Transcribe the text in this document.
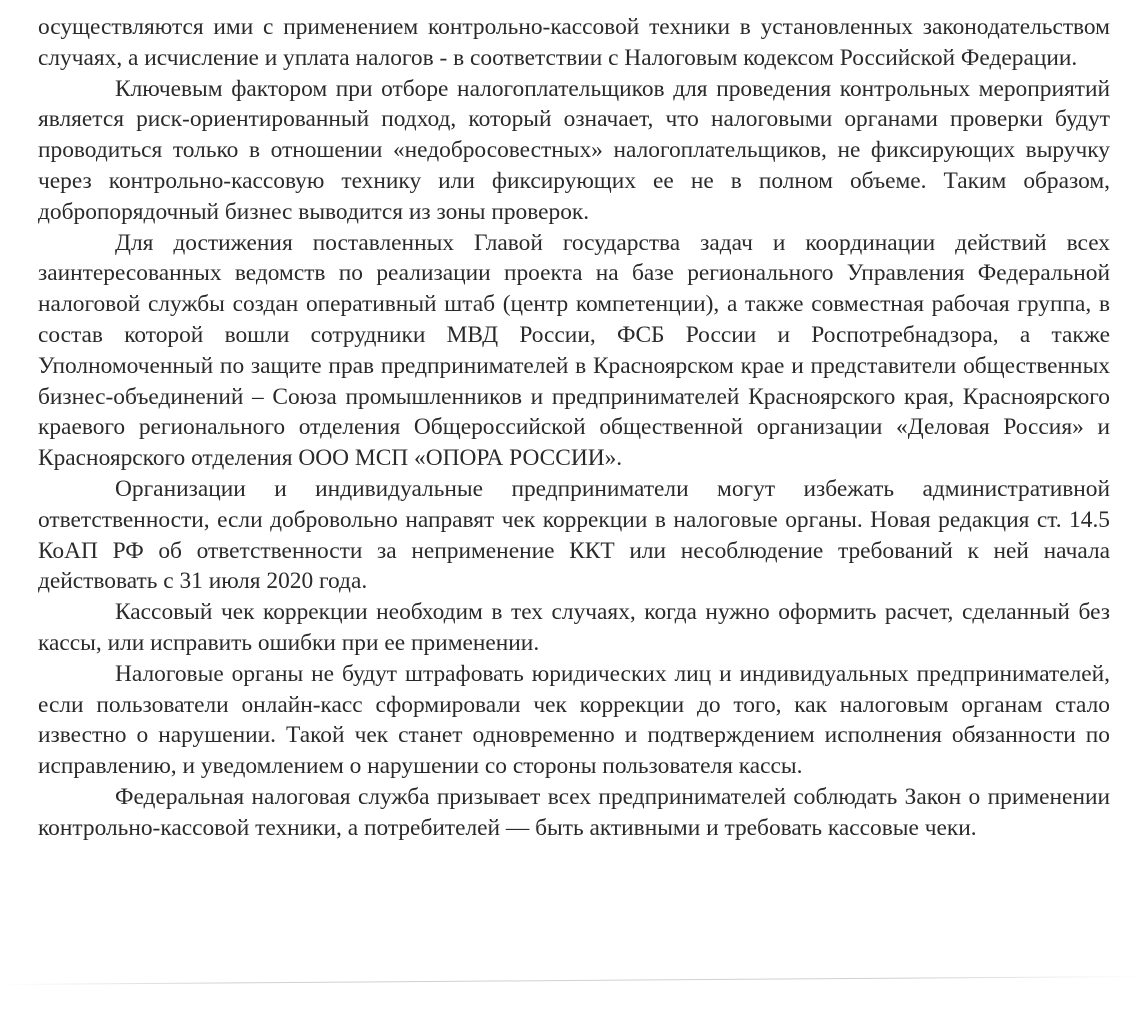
осуществляются ими с применением контрольно-кассовой техники в установленных законодательством случаях, а исчисление и уплата налогов - в соответствии с Налоговым кодексом Российской Федерации.

Ключевым фактором при отборе налогоплательщиков для проведения контрольных мероприятий является риск-ориентированный подход, который означает, что налоговыми органами проверки будут проводиться только в отношении «недобросовестных» налогоплательщиков, не фиксирующих выручку через контрольно-кассовую технику или фиксирующих ее не в полном объеме. Таким образом, добропорядочный бизнес выводится из зоны проверок.

Для достижения поставленных Главой государства задач и координации действий всех заинтересованных ведомств по реализации проекта на базе регионального Управления Федеральной налоговой службы создан оперативный штаб (центр компетенции), а также совместная рабочая группа, в состав которой вошли сотрудники МВД России, ФСБ России и Роспотребнадзора, а также Уполномоченный по защите прав предпринимателей в Красноярском крае и представители общественных бизнес-объединений – Союза промышленников и предпринимателей Красноярского края, Красноярского краевого регионального отделения Общероссийской общественной организации «Деловая Россия» и Красноярского отделения ООО МСП «ОПОРА РОССИИ».

Организации и индивидуальные предприниматели могут избежать административной ответственности, если добровольно направят чек коррекции в налоговые органы. Новая редакция ст. 14.5 КоАП РФ об ответственности за неприменение ККТ или несоблюдение требований к ней начала действовать с 31 июля 2020 года.

Кассовый чек коррекции необходим в тех случаях, когда нужно оформить расчет, сделанный без кассы, или исправить ошибки при ее применении.

Налоговые органы не будут штрафовать юридических лиц и индивидуальных предпринимателей, если пользователи онлайн-касс сформировали чек коррекции до того, как налоговым органам стало известно о нарушении. Такой чек станет одновременно и подтверждением исполнения обязанности по исправлению, и уведомлением о нарушении со стороны пользователя кассы.

Федеральная налоговая служба призывает всех предпринимателей соблюдать Закон о применении контрольно-кассовой техники, а потребителей — быть активными и требовать кассовые чеки.
